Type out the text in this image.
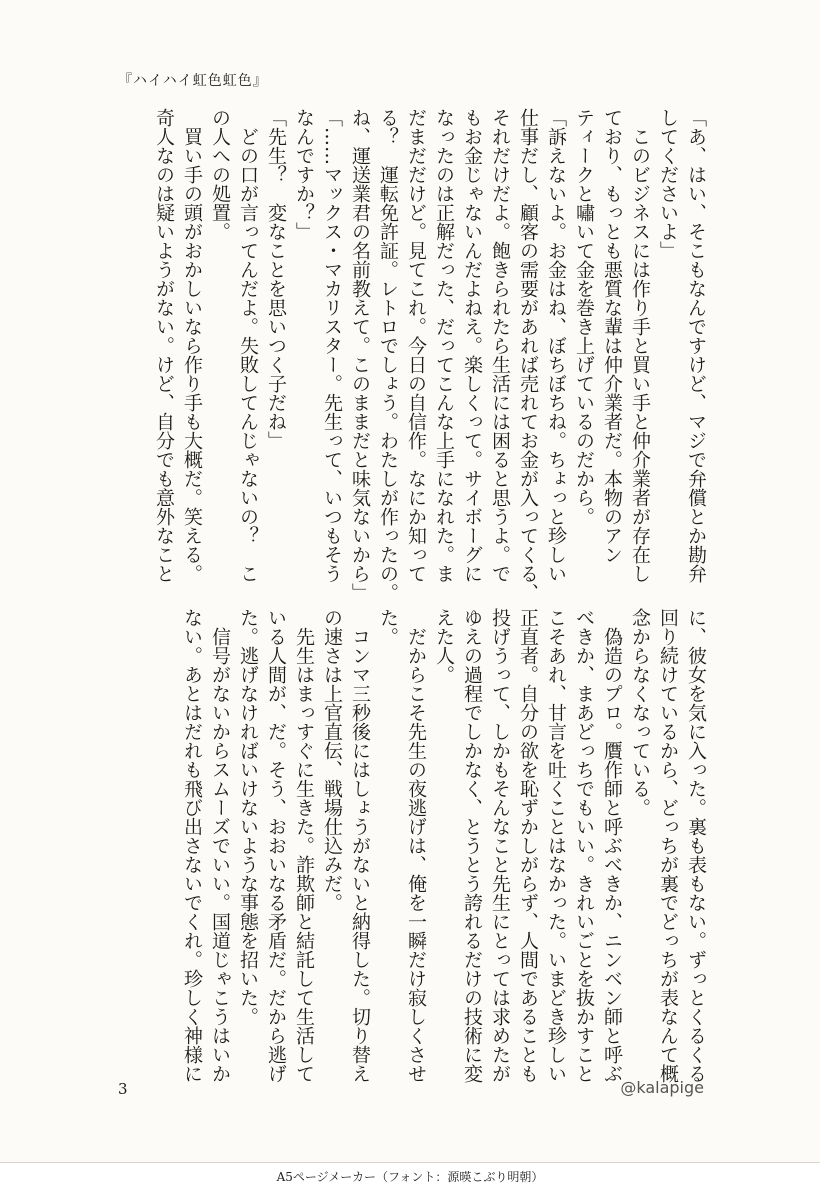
『ハイハイ虹色虹色』
「あ、はい、そこもなんですけど、マジで弁償とか勘弁
してくださいよ」
　このビジネスには作り手と買い手と仲介業者が存在し
ており、もっとも悪質な輩は仲介業者だ。本物のアン
ティークと嘯いて金を巻き上げているのだから。
「訴えないよ。お金はね、ぼちぼちね。ちょっと珍しい
仕事だし、顧客の需要があれば売れてお金が入ってくる、
それだけだよ。飽きられたら生活には困ると思うよ。で
もお金じゃないんだよねえ。楽しくって。サイボーグに
なったのは正解だった、だってこんな上手になれた。ま
だまだだけど。見てこれ。今日の自信作。なにか知って
る？　運転免許証。レトロでしょう。わたしが作ったの。
ね、運送業君の名前教えて。このままだと味気ないから」
「……マックス・マカリスター。先生って、いつもそう
なんですか？」
「先生？　変なことを思いつく子だね」
　どの口が言ってんだよ。失敗してんじゃないの？　こ
の人への処置。
　買い手の頭がおかしいなら作り手も大概だ。笑える。
奇人なのは疑いようがない。けど、自分でも意外なこと
に、彼女を気に入った。裏も表もない。ずっとくるくる
回り続けているから、どっちが裏でどっちが表なんて概
念からなくなっている。
　偽造のプロ。贋作師と呼ぶべきか、ニンベン師と呼ぶ
べきか、まあどっちでもいい。きれいごとを抜かすこと
こそあれ、甘言を吐くことはなかった。いまどき珍しい
正直者。自分の欲を恥ずかしがらず、人間であることも
投げうって、しかもそんなこと先生にとっては求めたが
ゆえの過程でしかなく、とうとう誇れるだけの技術に変
えた人。
　だからこそ先生の夜逃げは、俺を一瞬だけ寂しくさせ
た。
　コンマ三秒後にはしょうがないと納得した。切り替え
の速さは上官直伝、戦場仕込みだ。
　先生はまっすぐに生きた。詐欺師と結託して生活して
いる人間が、だ。そう、おおいなる矛盾だ。だから逃げ
た。逃げなければいけないような事態を招いた。
　信号がないからスムーズでいい。国道じゃこうはいか
ない。あとはだれも飛び出さないでくれ。珍しく神様に
3	@kalapige
A5ページメーカー（フォント：源暎こぶり明朝）
